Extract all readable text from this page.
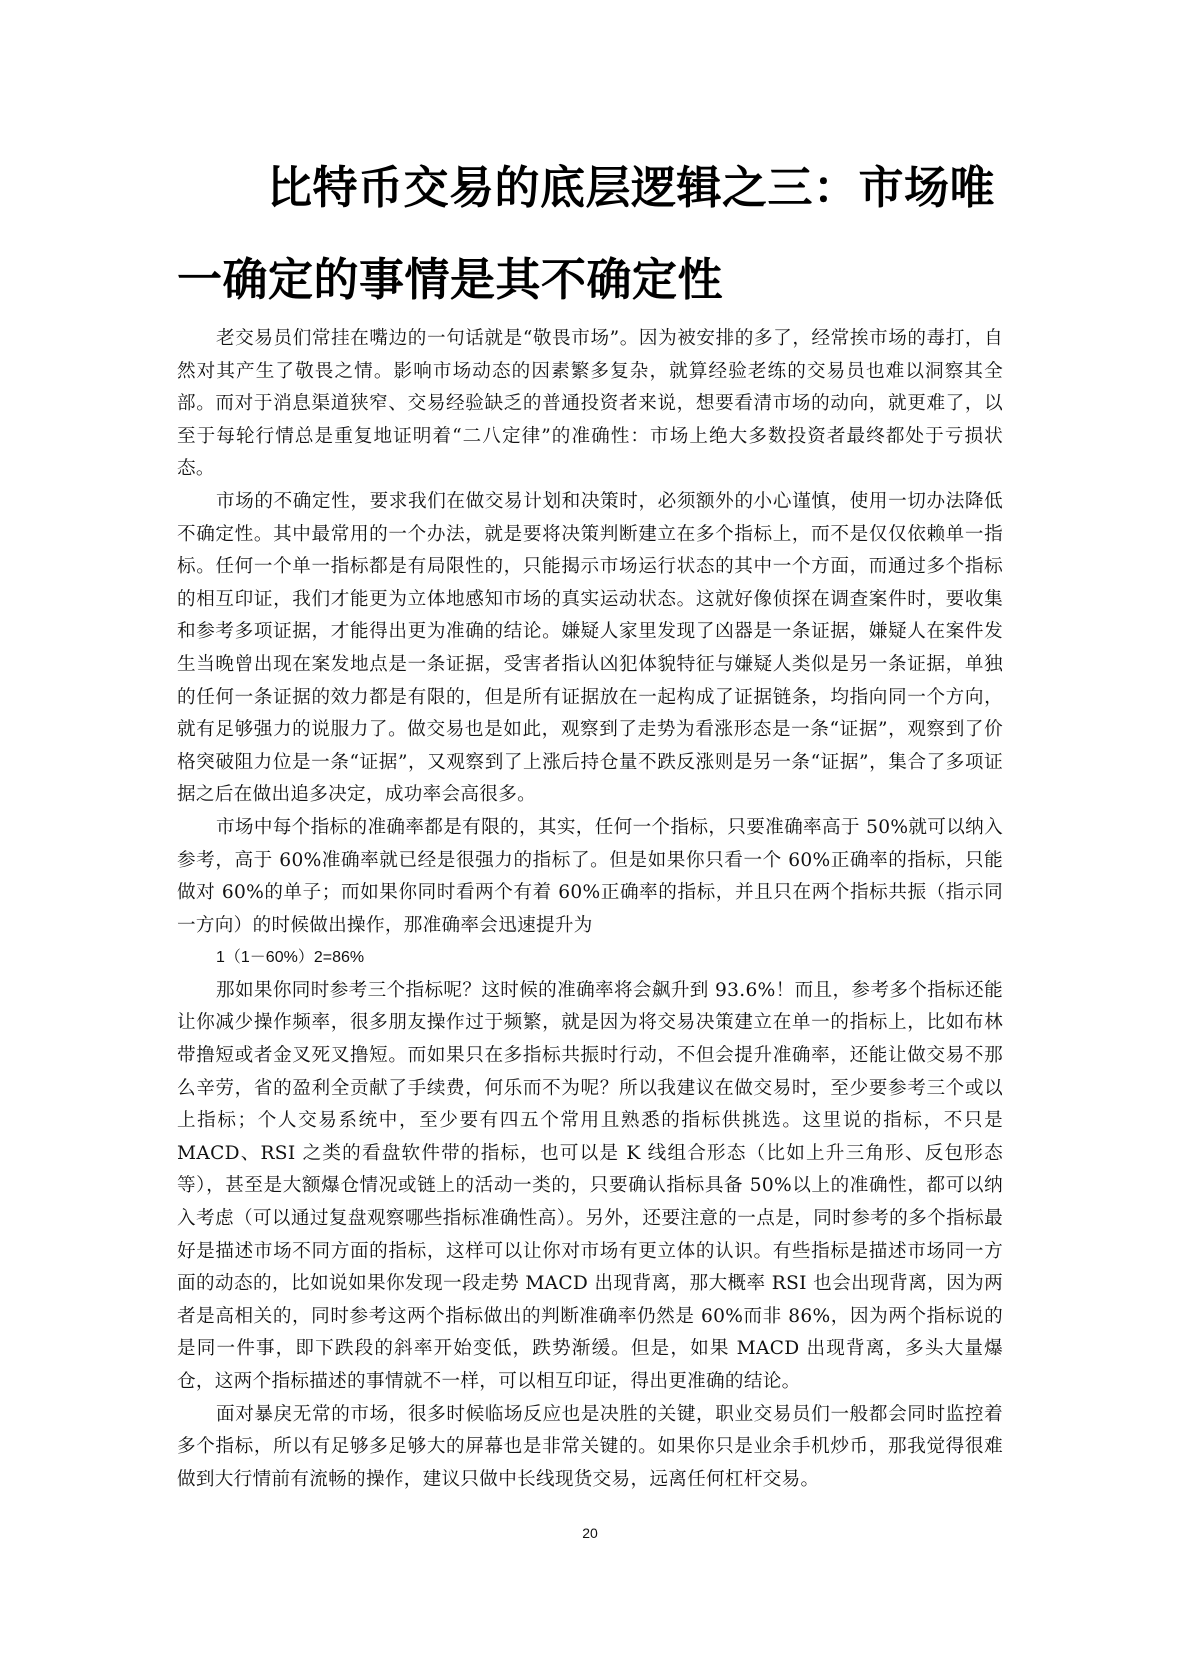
比特币交易的底层逻辑之三：市场唯一确定的事情是其不确定性

老交易员们常挂在嘴边的一句话就是“敬畏市场”。因为被安排的多了，经常挨市场的毒打，自然对其产生了敬畏之情。影响市场动态的因素繁多复杂，就算经验老练的交易员也难以洞察其全部。而对于消息渠道狭窄、交易经验缺乏的普通投资者来说，想要看清市场的动向，就更难了，以至于每轮行情总是重复地证明着“二八定律”的准确性：市场上绝大多数投资者最终都处于亏损状态。

市场的不确定性，要求我们在做交易计划和决策时，必须额外的小心谨慎，使用一切办法降低不确定性。其中最常用的一个办法，就是要将决策判断建立在多个指标上，而不是仅仅依赖单一指标。任何一个单一指标都是有局限性的，只能揭示市场运行状态的其中一个方面，而通过多个指标的相互印证，我们才能更为立体地感知市场的真实运动状态。这就好像侦探在调查案件时，要收集和参考多项证据，才能得出更为准确的结论。嫌疑人家里发现了凶器是一条证据，嫌疑人在案件发生当晚曾出现在案发地点是一条证据，受害者指认凶犯体貌特征与嫌疑人类似是另一条证据，单独的任何一条证据的效力都是有限的，但是所有证据放在一起构成了证据链条，均指向同一个方向，就有足够强力的说服力了。做交易也是如此，观察到了走势为看涨形态是一条“证据”，观察到了价格突破阻力位是一条“证据”，又观察到了上涨后持仓量不跌反涨则是另一条“证据”，集合了多项证据之后在做出追多决定，成功率会高很多。

市场中每个指标的准确率都是有限的，其实，任何一个指标，只要准确率高于 50%就可以纳入参考，高于 60%准确率就已经是很强力的指标了。但是如果你只看一个 60%正确率的指标，只能做对 60%的单子；而如果你同时看两个有着 60%正确率的指标，并且只在两个指标共振（指示同一方向）的时候做出操作，那准确率会迅速提升为

1（1－60%）2=86%

那如果你同时参考三个指标呢？这时候的准确率将会飙升到 93.6%！而且，参考多个指标还能让你减少操作频率，很多朋友操作过于频繁，就是因为将交易决策建立在单一的指标上，比如布林带撸短或者金叉死叉撸短。而如果只在多指标共振时行动，不但会提升准确率，还能让做交易不那么辛劳，省的盈利全贡献了手续费，何乐而不为呢？所以我建议在做交易时，至少要参考三个或以上指标；个人交易系统中，至少要有四五个常用且熟悉的指标供挑选。这里说的指标，不只是 MACD、RSI 之类的看盘软件带的指标，也可以是 K 线组合形态（比如上升三角形、反包形态等），甚至是大额爆仓情况或链上的活动一类的，只要确认指标具备 50%以上的准确性，都可以纳入考虑（可以通过复盘观察哪些指标准确性高）。另外，还要注意的一点是，同时参考的多个指标最好是描述市场不同方面的指标，这样可以让你对市场有更立体的认识。有些指标是描述市场同一方面的动态的，比如说如果你发现一段走势 MACD 出现背离，那大概率 RSI 也会出现背离，因为两者是高相关的，同时参考这两个指标做出的判断准确率仍然是 60%而非 86%，因为两个指标说的是同一件事，即下跌段的斜率开始变低，跌势渐缓。但是，如果 MACD 出现背离，多头大量爆仓，这两个指标描述的事情就不一样，可以相互印证，得出更准确的结论。

面对暴戾无常的市场，很多时候临场反应也是决胜的关键，职业交易员们一般都会同时监控着多个指标，所以有足够多足够大的屏幕也是非常关键的。如果你只是业余手机炒币，那我觉得很难做到大行情前有流畅的操作，建议只做中长线现货交易，远离任何杠杆交易。

20
